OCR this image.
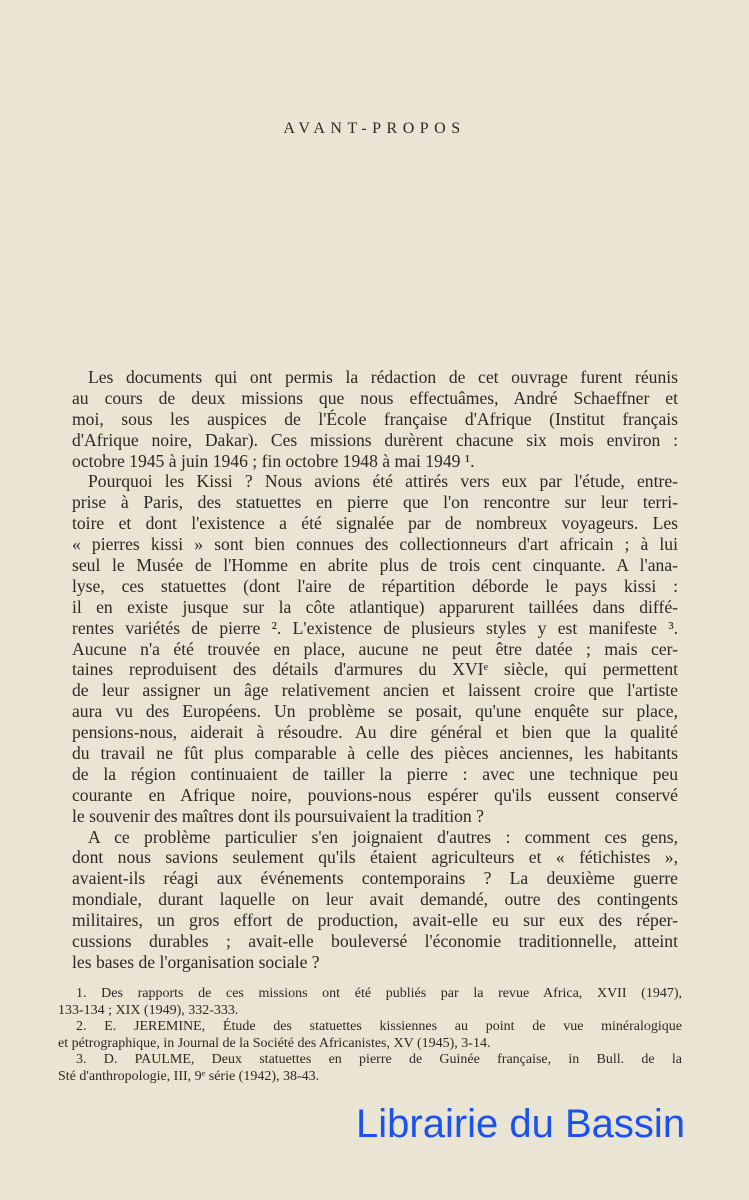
AVANT-PROPOS
Les documents qui ont permis la rédaction de cet ouvrage furent réunis
au cours de deux missions que nous effectuâmes, André Schaeffner et
moi, sous les auspices de l'École française d'Afrique (Institut français
d'Afrique noire, Dakar). Ces missions durèrent chacune six mois environ :
octobre 1945 à juin 1946 ; fin octobre 1948 à mai 1949 ¹.
Pourquoi les Kissi ? Nous avions été attirés vers eux par l'étude, entre-
prise à Paris, des statuettes en pierre que l'on rencontre sur leur terri-
toire et dont l'existence a été signalée par de nombreux voyageurs. Les
« pierres kissi » sont bien connues des collectionneurs d'art africain ; à lui
seul le Musée de l'Homme en abrite plus de trois cent cinquante. A l'ana-
lyse, ces statuettes (dont l'aire de répartition déborde le pays kissi :
il en existe jusque sur la côte atlantique) apparurent taillées dans diffé-
rentes variétés de pierre ². L'existence de plusieurs styles y est manifeste ³.
Aucune n'a été trouvée en place, aucune ne peut être datée ; mais cer-
taines reproduisent des détails d'armures du XVIᵉ siècle, qui permettent
de leur assigner un âge relativement ancien et laissent croire que l'artiste
aura vu des Européens. Un problème se posait, qu'une enquête sur place,
pensions-nous, aiderait à résoudre. Au dire général et bien que la qualité
du travail ne fût plus comparable à celle des pièces anciennes, les habitants
de la région continuaient de tailler la pierre : avec une technique peu
courante en Afrique noire, pouvions-nous espérer qu'ils eussent conservé
le souvenir des maîtres dont ils poursuivaient la tradition ?
A ce problème particulier s'en joignaient d'autres : comment ces gens,
dont nous savions seulement qu'ils étaient agriculteurs et « fétichistes »,
avaient-ils réagi aux événements contemporains ? La deuxième guerre
mondiale, durant laquelle on leur avait demandé, outre des contingents
militaires, un gros effort de production, avait-elle eu sur eux des réper-
cussions durables ; avait-elle bouleversé l'économie traditionnelle, atteint
les bases de l'organisation sociale ?
1. Des rapports de ces missions ont été publiés par la revue Africa, XVII (1947),
133-134 ; XIX (1949), 332-333.
2. E. JEREMINE, Étude des statuettes kissiennes au point de vue minéralogique
et pétrographique, in Journal de la Société des Africanistes, XV (1945), 3-14.
3. D. PAULME, Deux statuettes en pierre de Guinée française, in Bull. de la
Sté d'anthropologie, III, 9ᵉ série (1942), 38-43.
Librairie du Bassin
